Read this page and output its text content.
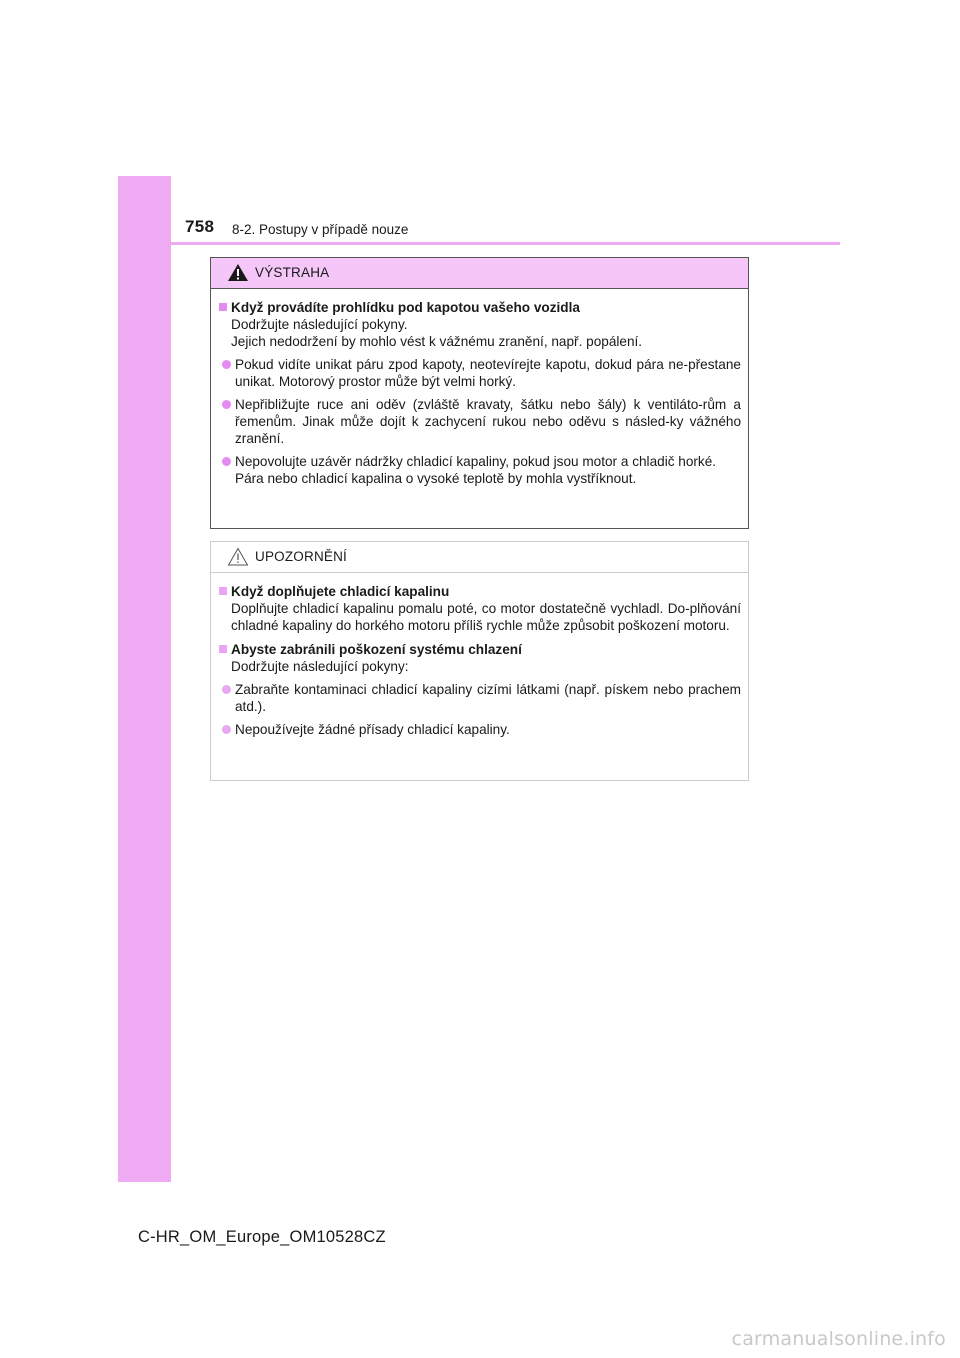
758 8-2. Postupy v případě nouze
VÝSTRAHA
Když provádíte prohlídku pod kapotou vašeho vozidla
Dodržujte následující pokyny.
Jejich nedodržení by mohlo vést k vážnému zranění, např. popálení.
Pokud vidíte unikat páru zpod kapoty, neotevírejte kapotu, dokud pára ne-přestane unikat. Motorový prostor může být velmi horký.
Nepřibližujte ruce ani oděv (zvláště kravaty, šátku nebo šály) k ventiláto-rům a řemenům. Jinak může dojít k zachycení rukou nebo oděvu s násled-ky vážného zranění.
Nepovolujte uzávěr nádržky chladicí kapaliny, pokud jsou motor a chladič horké.
Pára nebo chladicí kapalina o vysoké teplotě by mohla vystříknout.
UPOZORNĚNÍ
Když doplňujete chladicí kapalinu
Doplňujte chladicí kapalinu pomalu poté, co motor dostatečně vychladl. Do-plňování chladné kapaliny do horkého motoru příliš rychle může způsobit poškození motoru.
Abyste zabránili poškození systému chlazení
Dodržujte následující pokyny:
Zabraňte kontaminaci chladicí kapaliny cizími látkami (např. pískem nebo prachem atd.).
Nepoužívejte žádné přísady chladicí kapaliny.
C-HR_OM_Europe_OM10528CZ
carmanualsonline.info
